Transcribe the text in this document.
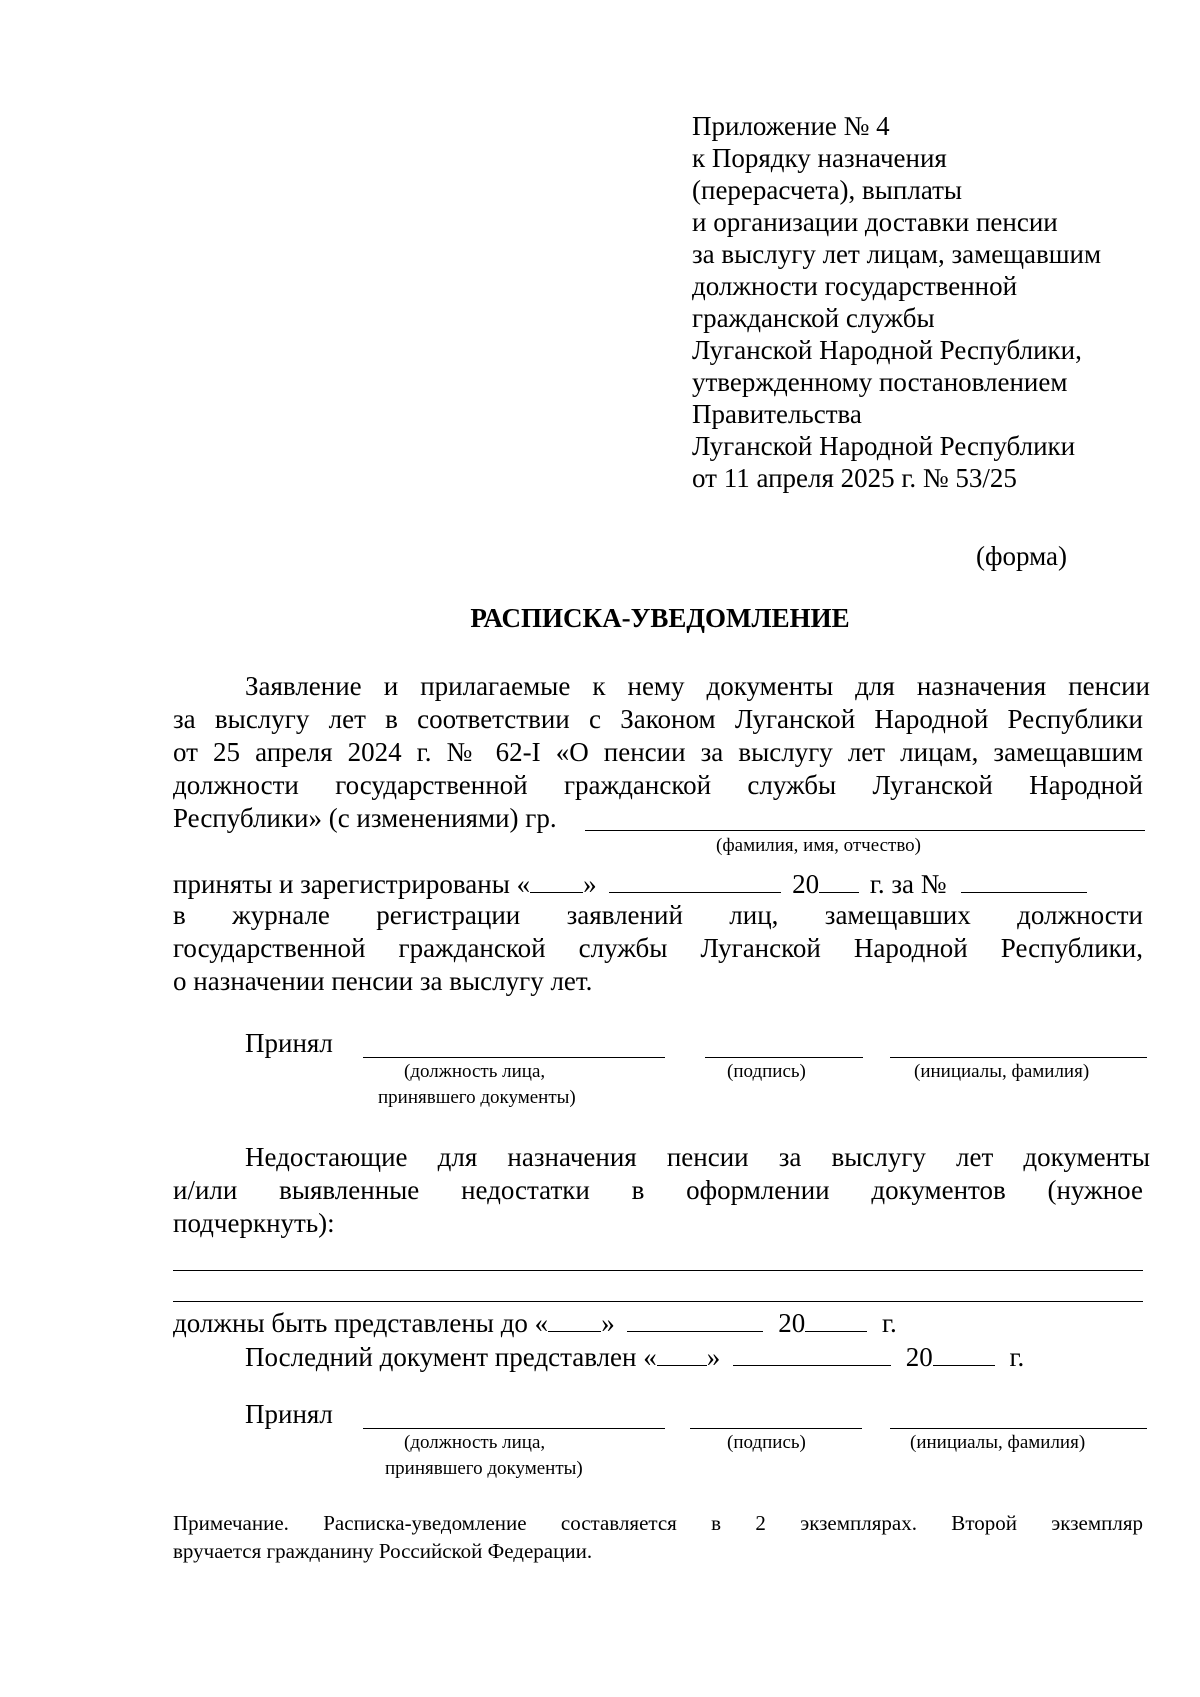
Приложение № 4
к Порядку назначения
(перерасчета), выплаты
и организации доставки пенсии
за выслугу лет лицам, замещавшим
должности государственной
гражданской службы
Луганской Народной Республики,
утвержденному постановлением
Правительства
Луганской Народной Республики
от 11 апреля 2025 г. № 53/25
(форма)
РАСПИСКА-УВЕДОМЛЕНИЕ
Заявление и прилагаемые к нему документы для назначения пенсии
за выслугу лет в соответствии с Законом Луганской Народной Республики
от 25 апреля 2024 г. № 62-I «О пенсии за выслугу лет лицам, замещавшим
должности государственной гражданской службы Луганской Народной
Республики» (с изменениями) гр.
(фамилия, имя, отчество)
приняты и зарегистрированы « »	20 г. за №
в журнале регистрации заявлений лиц, замещавших должности
государственной гражданской службы Луганской Народной Республики,
о назначении пенсии за выслугу лет.
Принял
(должность лица,
принявшего документы)
(подпись)	(инициалы, фамилия)
Недостающие для назначения пенсии за выслугу лет документы
и/или выявленные недостатки в оформлении документов (нужное
подчеркнуть):
должны быть представлены до « »	20	г.
Последний документ представлен « »	20	г.
Принял
(должность лица,
принявшего документы)
(подпись)	(инициалы, фамилия)
Примечание. Расписка-уведомление составляется в 2 экземплярах. Второй экземпляр
вручается гражданину Российской Федерации.
